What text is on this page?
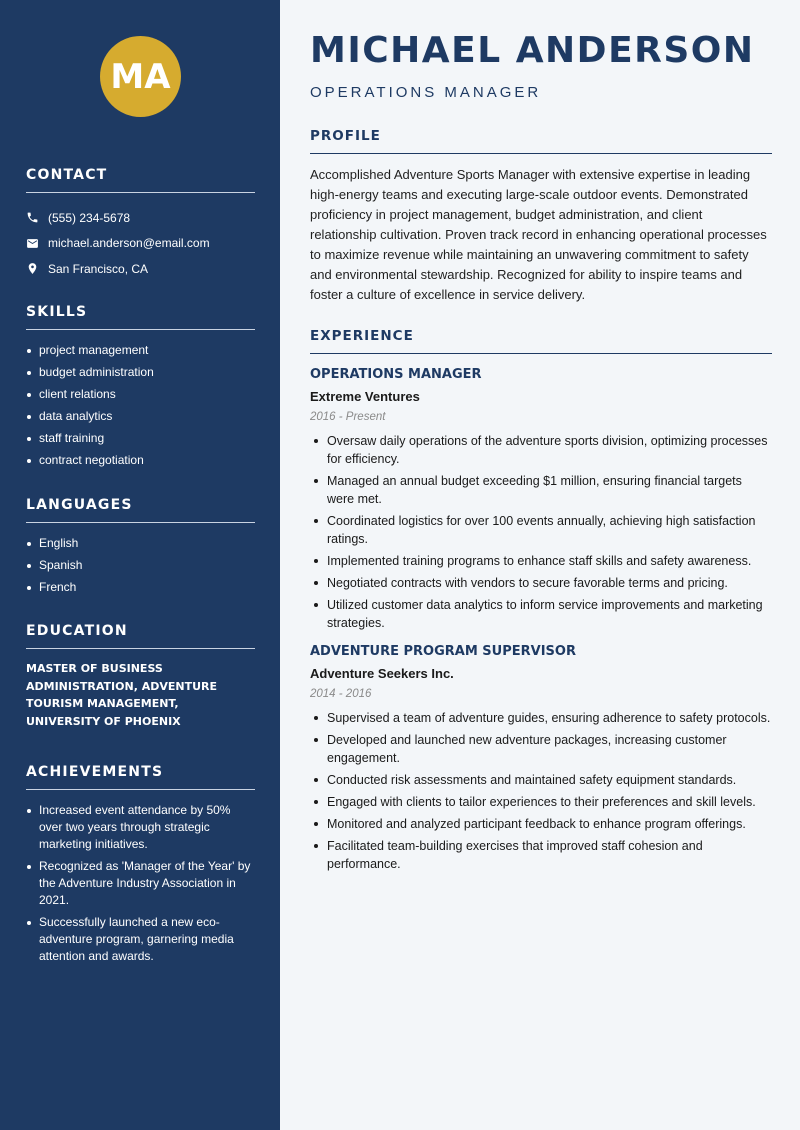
MA
CONTACT
(555) 234-5678
michael.anderson@email.com
San Francisco, CA
SKILLS
project management
budget administration
client relations
data analytics
staff training
contract negotiation
LANGUAGES
English
Spanish
French
EDUCATION
MASTER OF BUSINESS ADMINISTRATION, ADVENTURE TOURISM MANAGEMENT, UNIVERSITY OF PHOENIX
ACHIEVEMENTS
Increased event attendance by 50% over two years through strategic marketing initiatives.
Recognized as 'Manager of the Year' by the Adventure Industry Association in 2021.
Successfully launched a new eco-adventure program, garnering media attention and awards.
MICHAEL ANDERSON
OPERATIONS MANAGER
PROFILE
Accomplished Adventure Sports Manager with extensive expertise in leading high-energy teams and executing large-scale outdoor events. Demonstrated proficiency in project management, budget administration, and client relationship cultivation. Proven track record in enhancing operational processes to maximize revenue while maintaining an unwavering commitment to safety and environmental stewardship. Recognized for ability to inspire teams and foster a culture of excellence in service delivery.
EXPERIENCE
OPERATIONS MANAGER
Extreme Ventures
2016 - Present
Oversaw daily operations of the adventure sports division, optimizing processes for efficiency.
Managed an annual budget exceeding $1 million, ensuring financial targets were met.
Coordinated logistics for over 100 events annually, achieving high satisfaction ratings.
Implemented training programs to enhance staff skills and safety awareness.
Negotiated contracts with vendors to secure favorable terms and pricing.
Utilized customer data analytics to inform service improvements and marketing strategies.
ADVENTURE PROGRAM SUPERVISOR
Adventure Seekers Inc.
2014 - 2016
Supervised a team of adventure guides, ensuring adherence to safety protocols.
Developed and launched new adventure packages, increasing customer engagement.
Conducted risk assessments and maintained safety equipment standards.
Engaged with clients to tailor experiences to their preferences and skill levels.
Monitored and analyzed participant feedback to enhance program offerings.
Facilitated team-building exercises that improved staff cohesion and performance.
